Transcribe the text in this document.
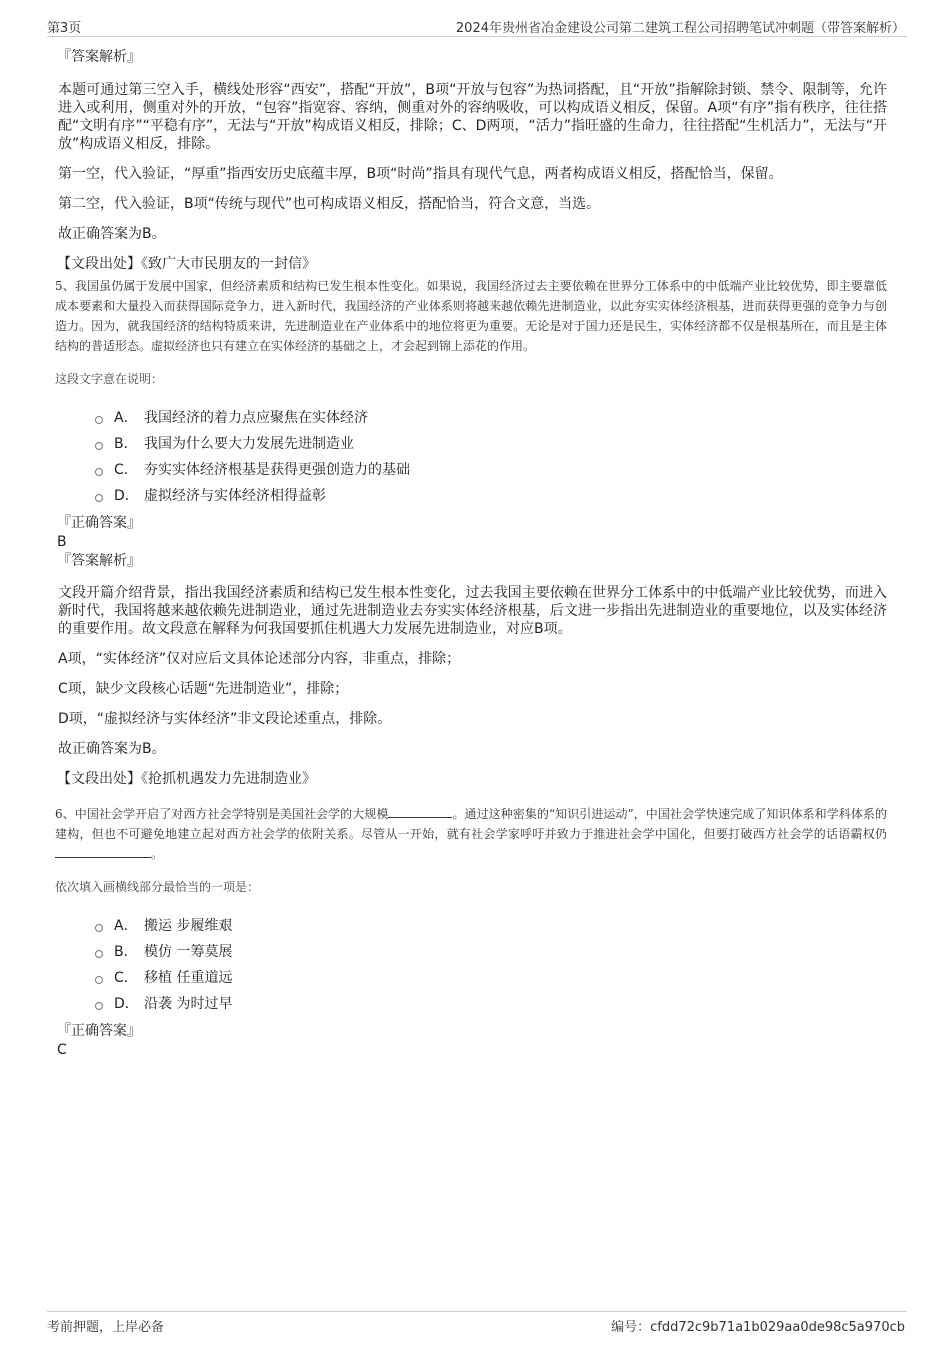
第3页	2024年贵州省冶金建设公司第二建筑工程公司招聘笔试冲刺题（带答案解析）
『答案解析』

本题可通过第三空入手，横线处形容“西安”，搭配“开放”，B项“开放与包容”为热词搭配，且“开放”指解除封锁、禁令、限制等，允许进入或利用，侧重对外的开放，“包容”指宽容、容纳，侧重对外的容纳吸收，可以构成语义相反，保留。A项“有序”指有秩序，往往搭配“文明有序”“平稳有序”，无法与“开放”构成语义相反，排除；C、D两项，“活力”指旺盛的生命力，往往搭配“生机活力”，无法与“开放”构成语义相反，排除。

第一空，代入验证，“厚重”指西安历史底蕴丰厚，B项“时尚”指具有现代气息，两者构成语义相反，搭配恰当，保留。

第二空，代入验证，B项“传统与现代”也可构成语义相反，搭配恰当，符合文意，当选。

故正确答案为B。

【文段出处】《致广大市民朋友的一封信》

5、我国虽仍属于发展中国家，但经济素质和结构已发生根本性变化。如果说，我国经济过去主要依赖在世界分工体系中的中低端产业比较优势，即主要靠低成本要素和大量投入而获得国际竞争力，进入新时代，我国经济的产业体系则将越来越依赖先进制造业，以此夯实实体经济根基，进而获得更强的竞争力与创造力。因为，就我国经济的结构特质来讲，先进制造业在产业体系中的地位将更为重要。无论是对于国力还是民生，实体经济都不仅是根基所在，而且是主体结构的普适形态。虚拟经济也只有建立在实体经济的基础之上，才会起到锦上添花的作用。

这段文字意在说明：

A． 我国经济的着力点应聚焦在实体经济
B． 我国为什么要大力发展先进制造业
C． 夯实实体经济根基是获得更强创造力的基础
D． 虚拟经济与实体经济相得益彰
『正确答案』
B
『答案解析』

文段开篇介绍背景，指出我国经济素质和结构已发生根本性变化，过去我国主要依赖在世界分工体系中的中低端产业比较优势，而进入新时代，我国将越来越依赖先进制造业，通过先进制造业去夯实实体经济根基，后文进一步指出先进制造业的重要地位，以及实体经济的重要作用。故文段意在解释为何我国要抓住机遇大力发展先进制造业，对应B项。

A项，“实体经济”仅对应后文具体论述部分内容，非重点，排除；

C项，缺少文段核心话题“先进制造业”，排除；

D项，“虚拟经济与实体经济”非文段论述重点，排除。

故正确答案为B。

【文段出处】《抢抓机遇发力先进制造业》

6、中国社会学开启了对西方社会学特别是美国社会学的大规模	。通过这种密集的“知识引进运动”，中国社会学快速完成了知识体系和学科体系的建构，但也不可避免地建立起对西方社会学的依附关系。尽管从一开始，就有社会学家呼吁并致力于推进社会学中国化，但要打破西方社会学的话语霸权仍。

依次填入画横线部分最恰当的一项是：

A． 搬运 步履维艰
B． 模仿 一筹莫展
C． 移植 任重道远
D． 沿袭 为时过早
『正确答案』
C
考前押题，上岸必备	编号：cfdd72c9b71a1b029aa0de98c5a970cb
